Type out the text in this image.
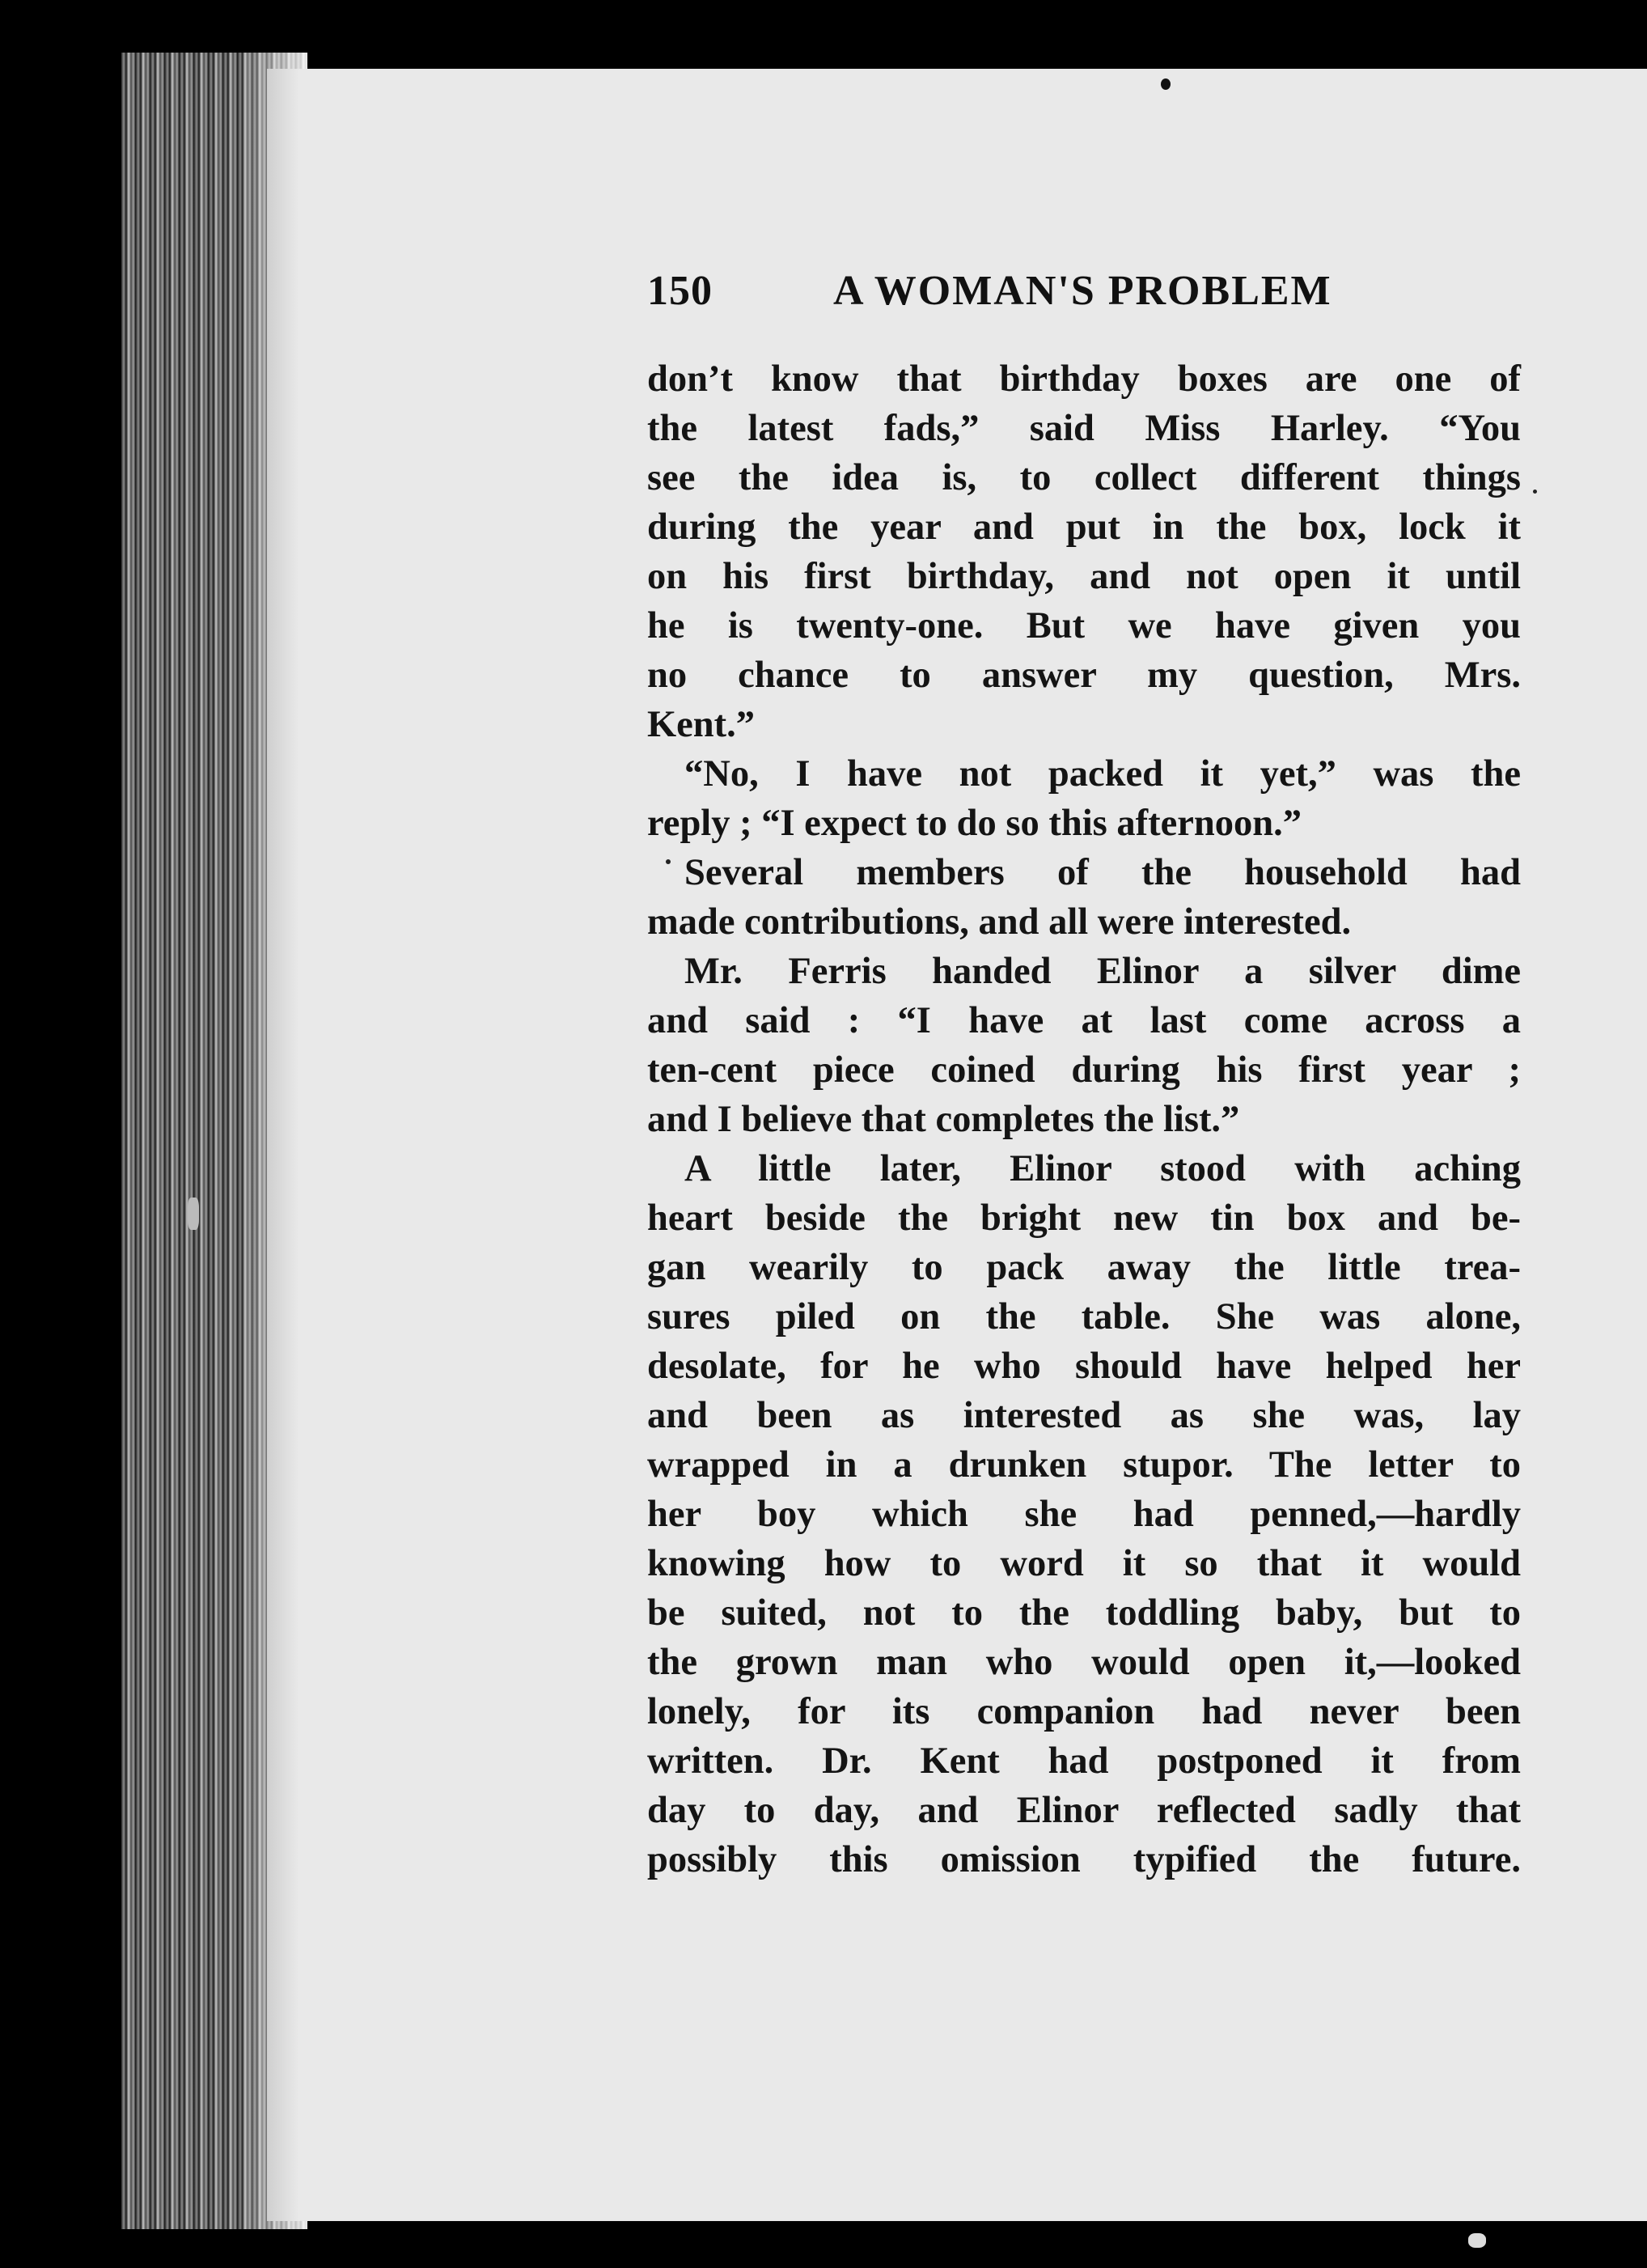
150	A WOMAN'S PROBLEM
don’t know that birthday boxes are one of
the latest fads,” said Miss Harley. “You
see the idea is, to collect different things
during the year and put in the box, lock it
on his first birthday, and not open it until
he is twenty-one. But we have given you
no chance to answer my question, Mrs.
Kent.”
“No, I have not packed it yet,” was the
reply ; “I expect to do so this afternoon.”
Several members of the household had
made contributions, and all were interested.
Mr. Ferris handed Elinor a silver dime
and said : “I have at last come across a
ten-cent piece coined during his first year ;
and I believe that completes the list.”
A little later, Elinor stood with aching
heart beside the bright new tin box and be-
gan wearily to pack away the little trea-
sures piled on the table. She was alone,
desolate, for he who should have helped her
and been as interested as she was, lay
wrapped in a drunken stupor. The letter to
her boy which she had penned,—hardly
knowing how to word it so that it would
be suited, not to the toddling baby, but to
the grown man who would open it,—looked
lonely, for its companion had never been
written. Dr. Kent had postponed it from
day to day, and Elinor reflected sadly that
possibly this omission typified the future.
